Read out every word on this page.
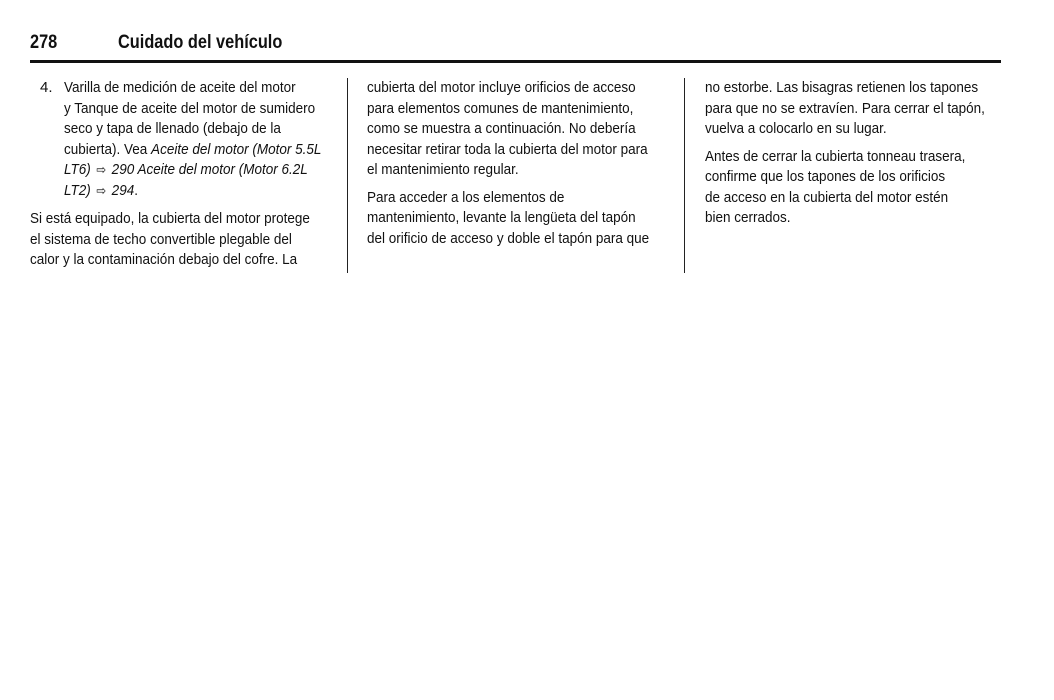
278	Cuidado del vehículo
4. Varilla de medición de aceite del motor
y Tanque de aceite del motor de sumidero
seco y tapa de llenado (debajo de la
cubierta). Vea Aceite del motor (Motor 5.5L
LT6) ⇨ 290 Aceite del motor (Motor 6.2L
LT2) ⇨ 294.

Si está equipado, la cubierta del motor protege
el sistema de techo convertible plegable del
calor y la contaminación debajo del cofre. La

cubierta del motor incluye orificios de acceso
para elementos comunes de mantenimiento,
como se muestra a continuación. No debería
necesitar retirar toda la cubierta del motor para
el mantenimiento regular.

Para acceder a los elementos de
mantenimiento, levante la lengüeta del tapón
del orificio de acceso y doble el tapón para que

no estorbe. Las bisagras retienen los tapones
para que no se extravíen. Para cerrar el tapón,
vuelva a colocarlo en su lugar.

Antes de cerrar la cubierta tonneau trasera,
confirme que los tapones de los orificios
de acceso en la cubierta del motor estén
bien cerrados.
